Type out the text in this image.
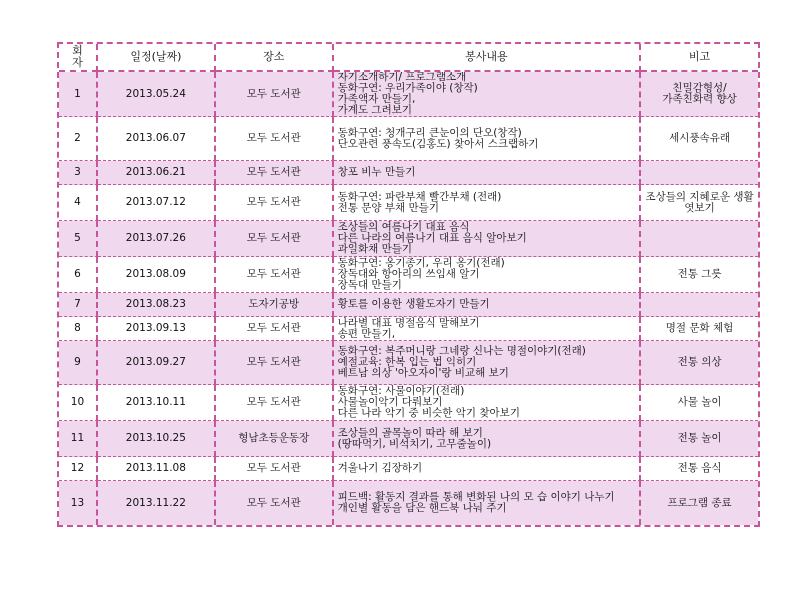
회
자	일정(날짜)	장소	봉사내용	비고
1	2013.05.24	모두 도서관	자기소개하기/ 프로그램소개
동화구연: 우리가족이야 (창작)
가족액자 만들기,
가계도 그려보기	친밀감형성/
가족친화력 향상
2	2013.06.07	모두 도서관	동화구연: 청개구리 큰눈이의 단오(창작)
단오관련 풍속도(김홍도) 찾아서 스크랩하기	세시풍속유래
3	2013.06.21	모두 도서관	창포 비누 만들기	
4	2013.07.12	모두 도서관	동화구연: 파란부채 빨간부채 (전래)
전통 문양 부채 만들기	조상들의 지혜로운 생활엿보기
5	2013.07.26	모두 도서관	조상들의 여름나기 대표 음식
다른 나라의 여름나기 대표 음식 알아보기
과일화채 만들기	
6	2013.08.09	모두 도서관	동화구연: 옹기종기, 우리 옹기(전래)
장독대와 항아리의 쓰임새 알기
장독대 만들기	전통 그릇
7	2013.08.23	도자기공방	황토를 이용한 생활도자기 만들기	
8	2013.09.13	모두 도서관	나라별 대표 명절음식 말해보기
송편 만들기,	명절 문화 체험
9	2013.09.27	모두 도서관	동화구연: 복주머니랑 그네랑 신나는 명절이야기(전래)
예절교육: 한복 입는 법 익히기
베트남 의상 '아오자이'랑 비교해 보기	전통 의상
10	2013.10.11	모두 도서관	동화구연: 사물이야기(전래)
사물놀이악기 다뤄보기
다른 나라 악기 중 비슷한 악기 찾아보기	사물 놀이
11	2013.10.25	형남초등운동장	조상들의 골목놀이 따라 해 보기
(땅따먹기, 비석치기, 고무줄놀이)	전통 놀이
12	2013.11.08	모두 도서관	겨울나기 김장하기	전통 음식
13	2013.11.22	모두 도서관	피드백: 활동지 결과를 통해 변화된 나의 모 습 이야기 나누기
개인별 활동을 담은 핸드북 나눠 주기	프로그램 종료
